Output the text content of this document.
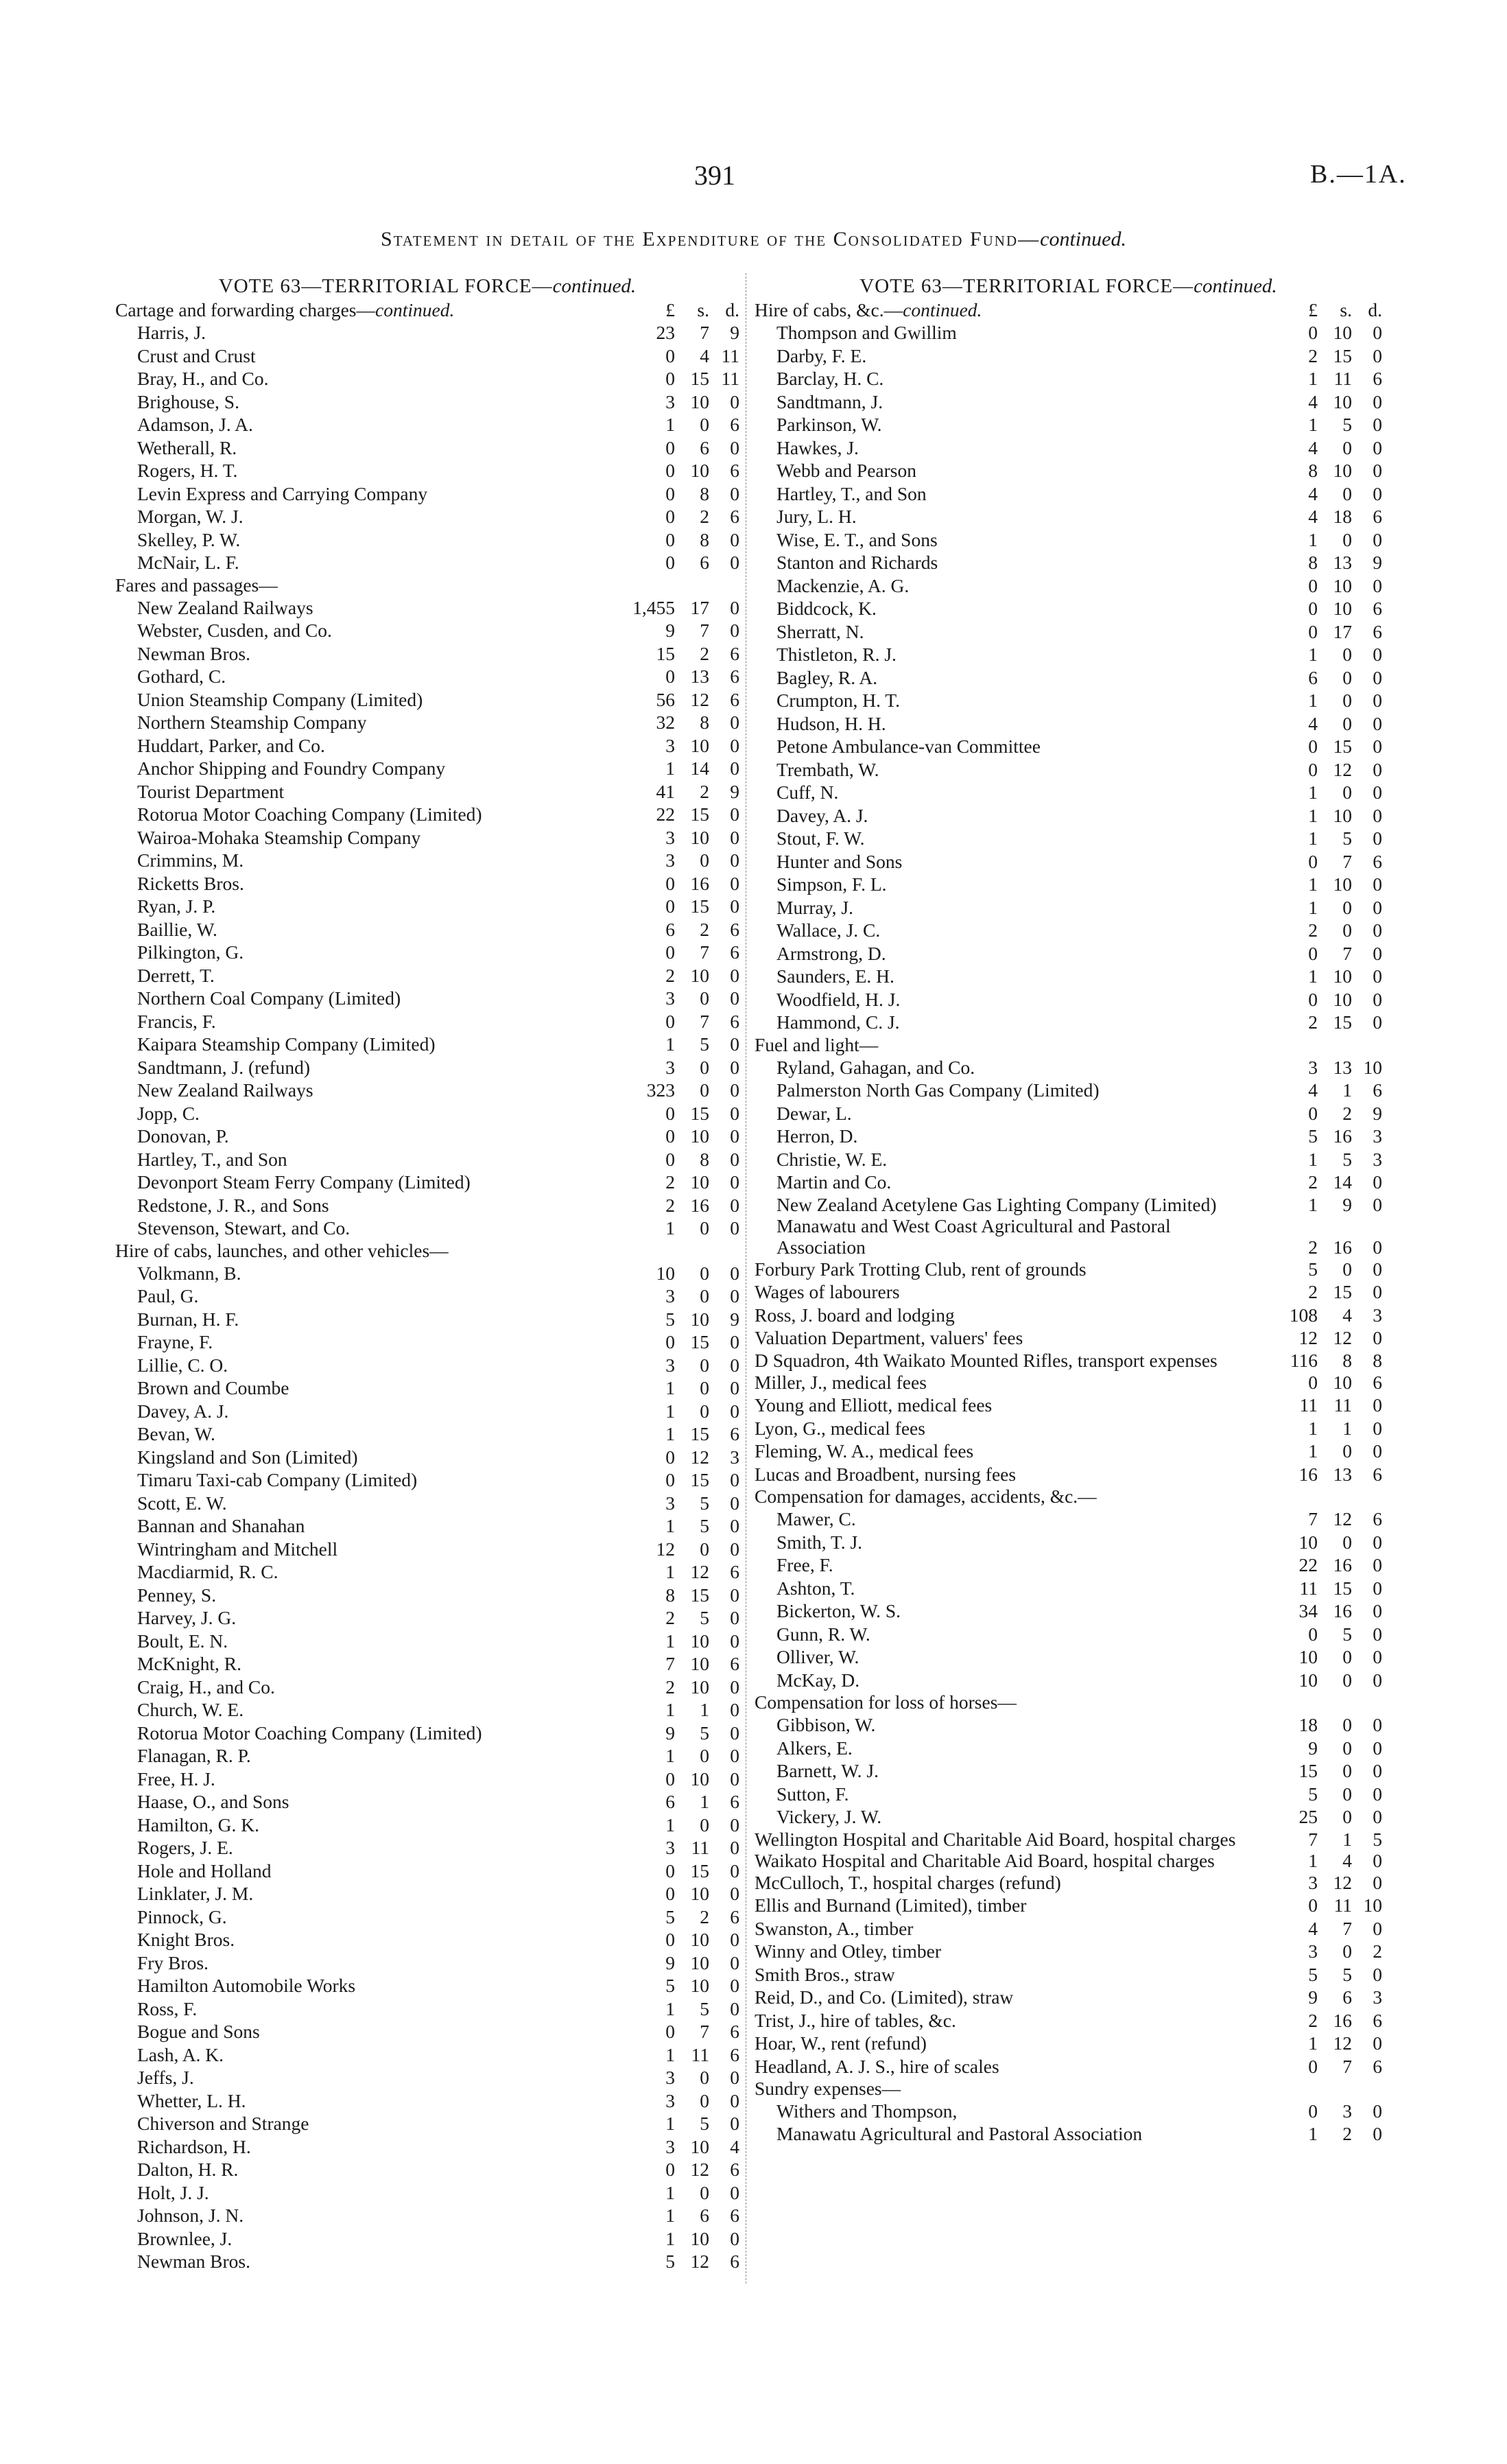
391	B.—1A.
Statement in detail of the Expenditure of the Consolidated Fund—continued.
VOTE 63—TERRITORIAL FORCE—continued.
Cartage and forwarding charges—continued.	£	s. d.
Harris, J.	23	7	9
Crust and Crust	0	4 11
Bray, H., and Co.	0 15 11
Brighouse, S.	3 10	0
Adamson, J. A.	1	0	6
Wetherall, R.	0	6	0
Rogers, H. T.	0 10	6
Levin Express and Carrying Company	0	8	0
Morgan, W. J.	0	2	6
Skelley, P. W.	0	8	0
McNair, L. F.	0	6	0
Fares and passages—
New Zealand Railways	1,455 17	0
Webster, Cusden, and Co.	9	7	0
Newman Bros.	15	2	6
Gothard, C.	0 13	6
Union Steamship Company (Limited)	56 12	6
Northern Steamship Company	32	8	0
Huddart, Parker, and Co.	3 10	0
Anchor Shipping and Foundry Company	1 14	0
Tourist Department	41	2	9
Rotorua Motor Coaching Company (Limited)	22 15	0
Wairoa-Mohaka Steamship Company	3 10	0
Crimmins, M.	3	0	0
Ricketts Bros.	0 16	0
Ryan, J. P.	0 15	0
Baillie, W.	6	2	6
Pilkington, G.	0	7	6
Derrett, T.	2 10	0
Northern Coal Company (Limited)	3	0	0
Francis, F.	0	7	6
Kaipara Steamship Company (Limited)	1	5	0
Sandtmann, J. (refund)	3	0	0
New Zealand Railways	323	0	0
Jopp, C.	0 15	0
Donovan, P.	0 10	0
Hartley, T., and Son	0	8	0
Devonport Steam Ferry Company (Limited)	2 10	0
Redstone, J. R., and Sons	2 16	0
Stevenson, Stewart, and Co.	1	0	0
Hire of cabs, launches, and other vehicles—
Volkmann, B.	10	0	0
Paul, G.	3	0	0
Burnan, H. F.	5 10	9
Frayne, F.	0 15	0
Lillie, C. O.	3	0	0
Brown and Coumbe	1	0	0
Davey, A. J.	1	0	0
Bevan, W.	1 15	6
Kingsland and Son (Limited)	0 12	3
Timaru Taxi-cab Company (Limited)	0 15	0
Scott, E. W.	3	5	0
Bannan and Shanahan	1	5	0
Wintringham and Mitchell	12	0	0
Macdiarmid, R. C.	1 12	6
Penney, S.	8 15	0
Harvey, J. G.	2	5	0
Boult, E. N.	1 10	0
McKnight, R.	7 10	6
Craig, H., and Co.	2 10	0
Church, W. E.	1	1	0
Rotorua Motor Coaching Company (Limited)	9	5	0
Flanagan, R. P.	1	0	0
Free, H. J.	0 10	0
Haase, O., and Sons	6	1	6
Hamilton, G. K.	1	0	0
Rogers, J. E.	3 11	0
Hole and Holland	0 15	0
Linklater, J. M.	0 10	0
Pinnock, G.	5	2	6
Knight Bros.	0 10	0
Fry Bros.	9 10	0
Hamilton Automobile Works	5 10	0
Ross, F.	1	5	0
Bogue and Sons	0	7	6
Lash, A. K.	1 11	6
Jeffs, J.	3	0	0
Whetter, L. H.	3	0	0
Chiverson and Strange	1	5	0
Richardson, H.	3 10	4
Dalton, H. R.	0 12	6
Holt, J. J.	1	0	0
Johnson, J. N.	1	6	6
Brownlee, J.	1 10	0
Newman Bros.	5 12	6
VOTE 63—TERRITORIAL FORCE—continued.
Hire of cabs, &c.—continued.	£	s. d.
Thompson and Gwillim	0 10	0
Darby, F. E.	2 15	0
Barclay, H. C.	1 11	6
Sandtmann, J.	4 10	0
Parkinson, W.	1	5	0
Hawkes, J.	4	0	0
Webb and Pearson	8 10	0
Hartley, T., and Son	4	0	0
Jury, L. H.	4 18	6
Wise, E. T., and Sons	1	0	0
Stanton and Richards	8 13	9
Mackenzie, A. G.	0 10	0
Biddcock, K.	0 10	6
Sherratt, N.	0 17	6
Thistleton, R. J.	1	0	0
Bagley, R. A.	6	0	0
Crumpton, H. T.	1	0	0
Hudson, H. H.	4	0	0
Petone Ambulance-van Committee	0 15	0
Trembath, W.	0 12	0
Cuff, N.	1	0	0
Davey, A. J.	1 10	0
Stout, F. W.	1	5	0
Hunter and Sons	0	7	6
Simpson, F. L.	1 10	0
Murray, J.	1	0	0
Wallace, J. C.	2	0	0
Armstrong, D.	0	7	0
Saunders, E. H.	1 10	0
Woodfield, H. J.	0 10	0
Hammond, C. J.	2 15	0
Fuel and light—
Ryland, Gahagan, and Co.	3 13 10
Palmerston North Gas Company (Limited)	4	1	6
Dewar, L.	0	2	9
Herron, D.	5 16	3
Christie, W. E.	1	5	3
Martin and Co.	2 14	0
New Zealand Acetylene Gas Lighting Company (Limited)	1	9	0
Manawatu and West Coast Agricultural and Pastoral Association	2 16	0
Forbury Park Trotting Club, rent of grounds	5	0	0
Wages of labourers	2 15	0
Ross, J. board and lodging	108	4	3
Valuation Department, valuers' fees	12 12	0
D Squadron, 4th Waikato Mounted Rifles, transport expenses	116	8	8
Miller, J., medical fees	0 10	6
Young and Elliott, medical fees	11 11	0
Lyon, G., medical fees	1	1	0
Fleming, W. A., medical fees	1	0	0
Lucas and Broadbent, nursing fees	16 13	6
Compensation for damages, accidents, &c.—
Mawer, C.	7 12	6
Smith, T. J.	10	0	0
Free, F.	22 16	0
Ashton, T.	11 15	0
Bickerton, W. S.	34 16	0
Gunn, R. W.	0	5	0
Olliver, W.	10	0	0
McKay, D.	10	0	0
Compensation for loss of horses—
Gibbison, W.	18	0	0
Alkers, E.	9	0	0
Barnett, W. J.	15	0	0
Sutton, F.	5	0	0
Vickery, J. W.	25	0	0
Wellington Hospital and Charitable Aid Board, hospital charges	7	1	5
Waikato Hospital and Charitable Aid Board, hospital charges	1	4	0
McCulloch, T., hospital charges (refund)	3 12	0
Ellis and Burnand (Limited), timber	0 11 10
Swanston, A., timber	4	7	0
Winny and Otley, timber	3	0	2
Smith Bros., straw	5	5	0
Reid, D., and Co. (Limited), straw	9	6	3
Trist, J., hire of tables, &c.	2 16	6
Hoar, W., rent (refund)	1 12	0
Headland, A. J. S., hire of scales	0	7	6
Sundry expenses—
Withers and Thompson,	0	3	0
Manawatu Agricultural and Pastoral Association	1	2	0
